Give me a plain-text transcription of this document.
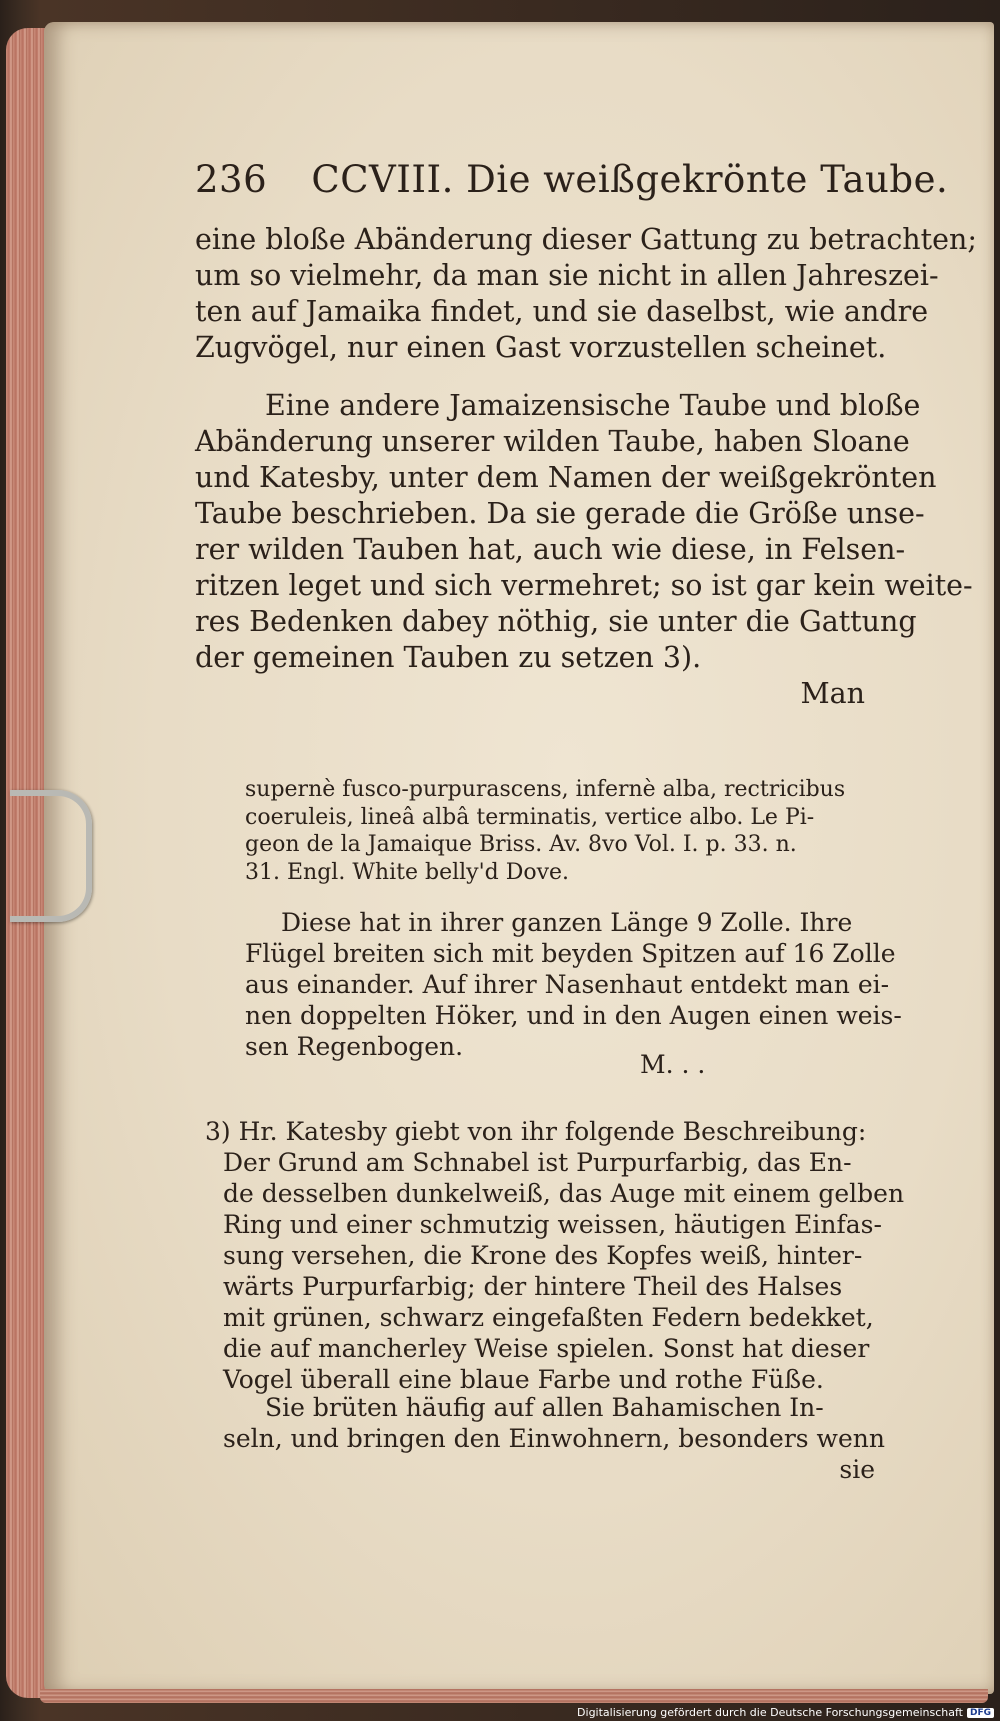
236 CCVIII. Die weißgekrönte Taube.
eine bloße Abänderung dieser Gattung zu betrachten;
um so vielmehr, da man sie nicht in allen Jahreszei-
ten auf Jamaika findet, und sie daselbst, wie andre
Zugvögel, nur einen Gast vorzustellen scheinet.
Eine andere Jamaizensische Taube und bloße
Abänderung unserer wilden Taube, haben Sloane
und Katesby, unter dem Namen der weißgekrönten
Taube beschrieben. Da sie gerade die Größe unse-
rer wilden Tauben hat, auch wie diese, in Felsen-
ritzen leget und sich vermehret; so ist gar kein weite-
res Bedenken dabey nöthig, sie unter die Gattung
der gemeinen Tauben zu setzen 3).
Man
supernè fusco-purpurascens, infernè alba, rectricibus
coeruleis, lineâ albâ terminatis, vertice albo. Le Pi-
geon de la Jamaique Briss. Av. 8vo Vol. I. p. 33. n.
31. Engl. White belly'd Dove.
Diese hat in ihrer ganzen Länge 9 Zolle. Ihre
Flügel breiten sich mit beyden Spitzen auf 16 Zolle
aus einander. Auf ihrer Nasenhaut entdekt man ei-
nen doppelten Höker, und in den Augen einen weis-
sen Regenbogen.
M. . .
3) Hr. Katesby giebt von ihr folgende Beschreibung:
Der Grund am Schnabel ist Purpurfarbig, das En-
de desselben dunkelweiß, das Auge mit einem gelben
Ring und einer schmutzig weissen, häutigen Einfas-
sung versehen, die Krone des Kopfes weiß, hinter-
wärts Purpurfarbig; der hintere Theil des Halses
mit grünen, schwarz eingefaßten Federn bedekket,
die auf mancherley Weise spielen. Sonst hat dieser
Vogel überall eine blaue Farbe und rothe Füße.
Sie brüten häufig auf allen Bahamischen In-
seln, und bringen den Einwohnern, besonders wenn
sie
Digitalisierung gefördert durch die Deutsche Forschungsgemeinschaft DFG
